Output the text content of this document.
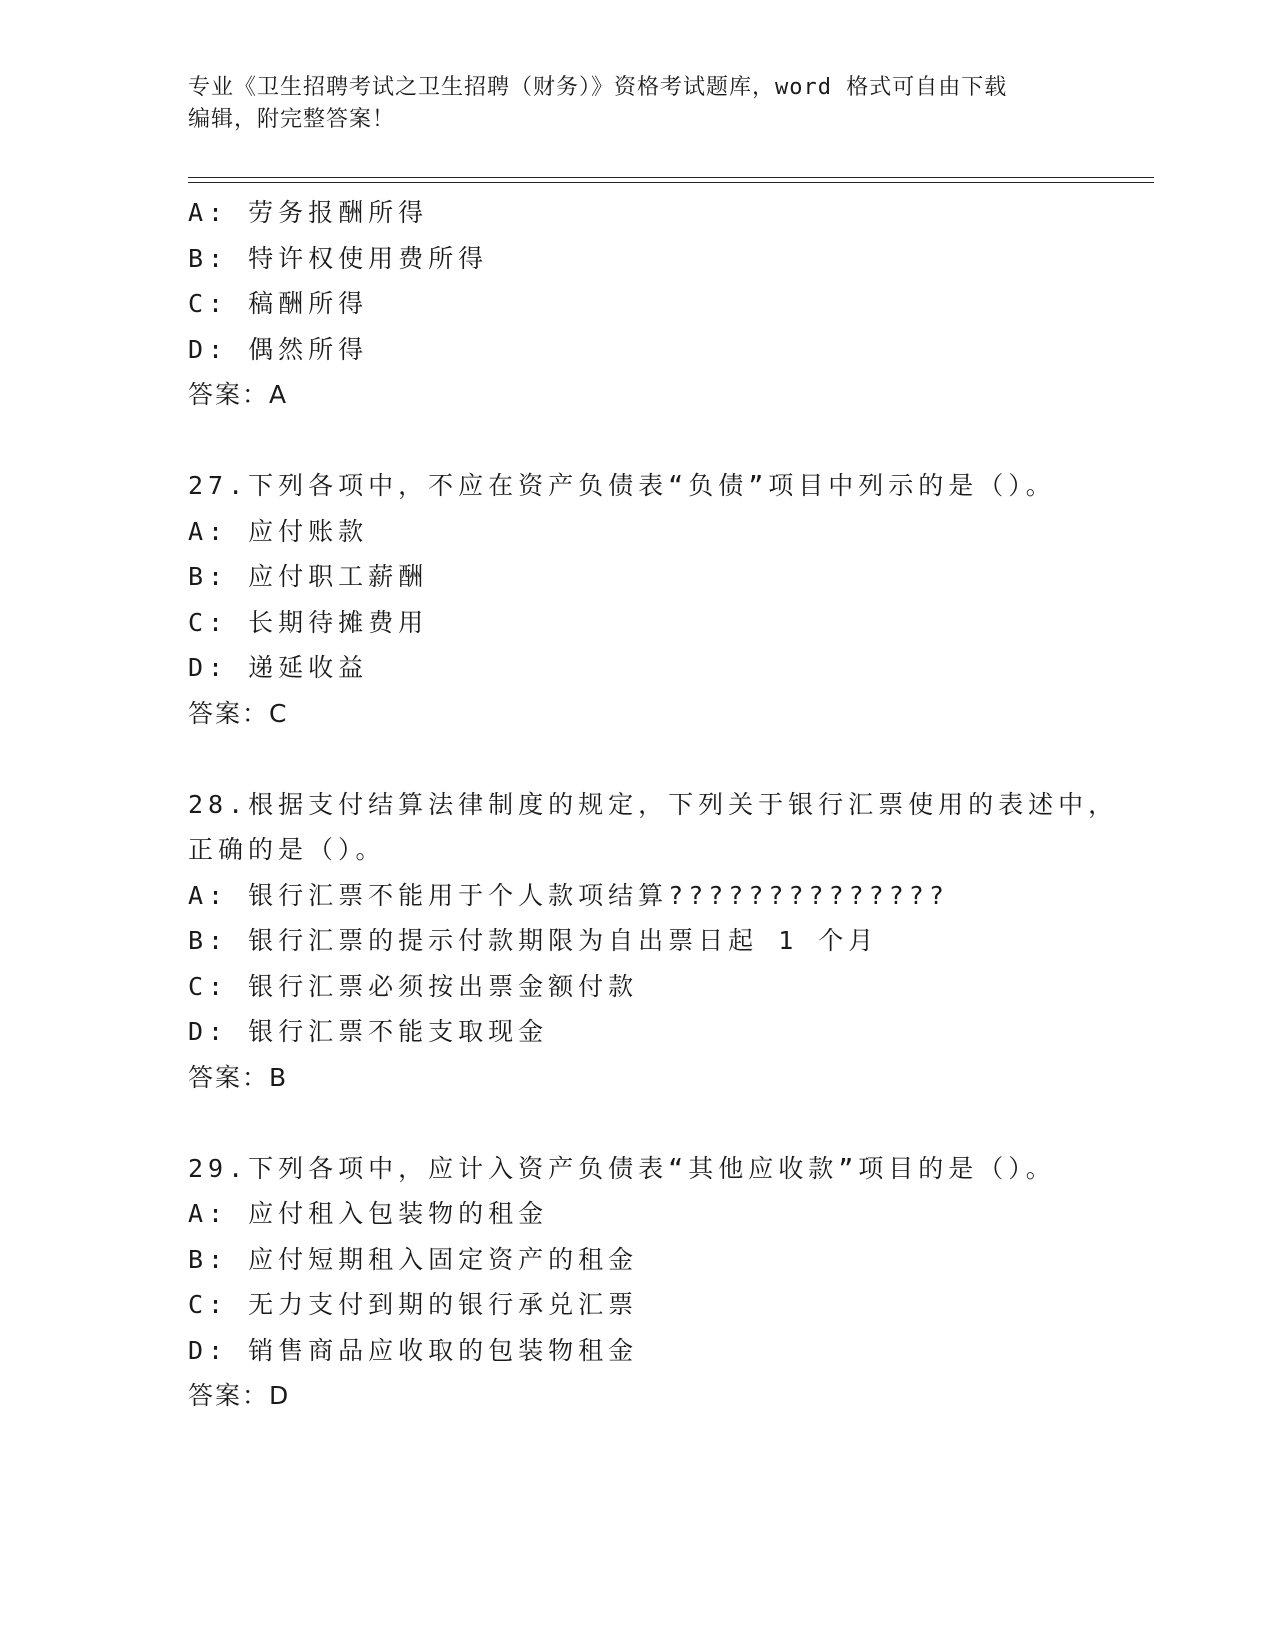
专业《卫生招聘考试之卫生招聘（财务）》资格考试题库，word 格式可自由下载
编辑，附完整答案！
A: 劳务报酬所得
B: 特许权使用费所得
C: 稿酬所得
D: 偶然所得
答案：A
27.下列各项中，不应在资产负债表“负债”项目中列示的是（）。
A: 应付账款
B: 应付职工薪酬
C: 长期待摊费用
D: 递延收益
答案：C
28.根据支付结算法律制度的规定，下列关于银行汇票使用的表述中，
正确的是（）。
A: 银行汇票不能用于个人款项结算??????????????
B: 银行汇票的提示付款期限为自出票日起 1 个月
C: 银行汇票必须按出票金额付款
D: 银行汇票不能支取现金
答案：B
29.下列各项中，应计入资产负债表“其他应收款”项目的是（）。
A: 应付租入包装物的租金
B: 应付短期租入固定资产的租金
C: 无力支付到期的银行承兑汇票
D: 销售商品应收取的包装物租金
答案：D
